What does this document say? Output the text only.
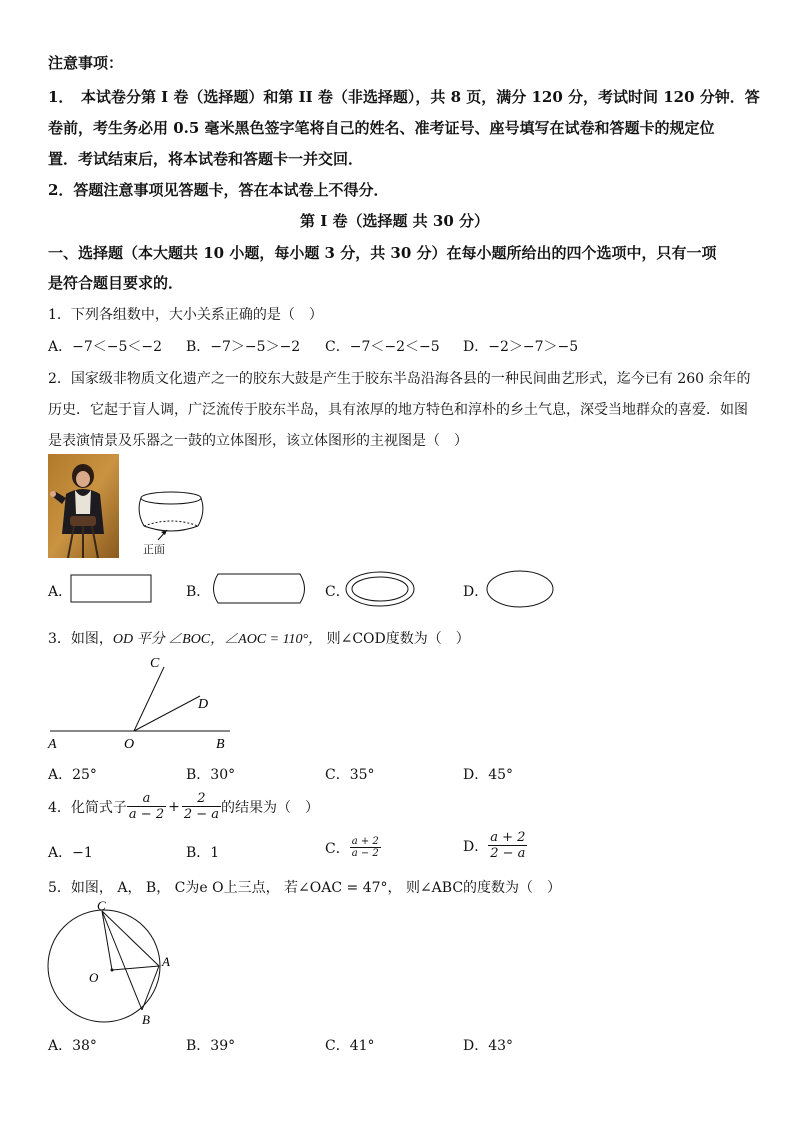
注意事项：
1．　本试卷分第 I 卷（选择题）和第 II 卷（非选择题），共 8 页，满分 120 分，考试时间 120 分钟．答
卷前，考生务必用 0.5 毫米黑色签字笔将自己的姓名、准考证号、座号填写在试卷和答题卡的规定位
置．考试结束后，将本试卷和答题卡一并交回．
2．答题注意事项见答题卡，答在本试卷上不得分．
第 I 卷（选择题 共 30 分）
一、选择题（本大题共 10 小题，每小题 3 分，共 30 分）在每小题所给出的四个选项中，只有一项
是符合题目要求的．
1．下列各组数中，大小关系正确的是（　）
A．−7＜−5＜−2 B．−7＞−5＞−2 C．−7＜−2＜−5 D．−2＞−7＞−5
2．国家级非物质文化遗产之一的胶东大鼓是产生于胶东半岛沿海各县的一种民间曲艺形式，迄今已有 260 余年的
历史．它起于盲人调，广泛流传于胶东半岛，具有浓厚的地方特色和淳朴的乡土气息，深受当地群众的喜爱．如图
是表演情景及乐器之一鼓的立体图形，该立体图形的主视图是（　）
正面
A．	B．	C．	D．
3．如图，OD 平分 ∠BOC，∠AOC = 110°， 则∠COD度数为（　）
C
D
A	O	B
A．25°	B．30°	C．35°	D．45°
4．化简式子 $\frac{a}{a - 2} + \frac{2}{2 - a}$ 的结果为（　）
A．−1	B．1	C． $\frac{a + 2}{a - 2}$	D． $\frac{a + 2}{2 - a}$
5．如图， A， B， C为e O上三点， 若∠OAC = 47°， 则∠ABC的度数为（　）
C
A
O
B
A．38°	B．39°	C．41°	D．43°
